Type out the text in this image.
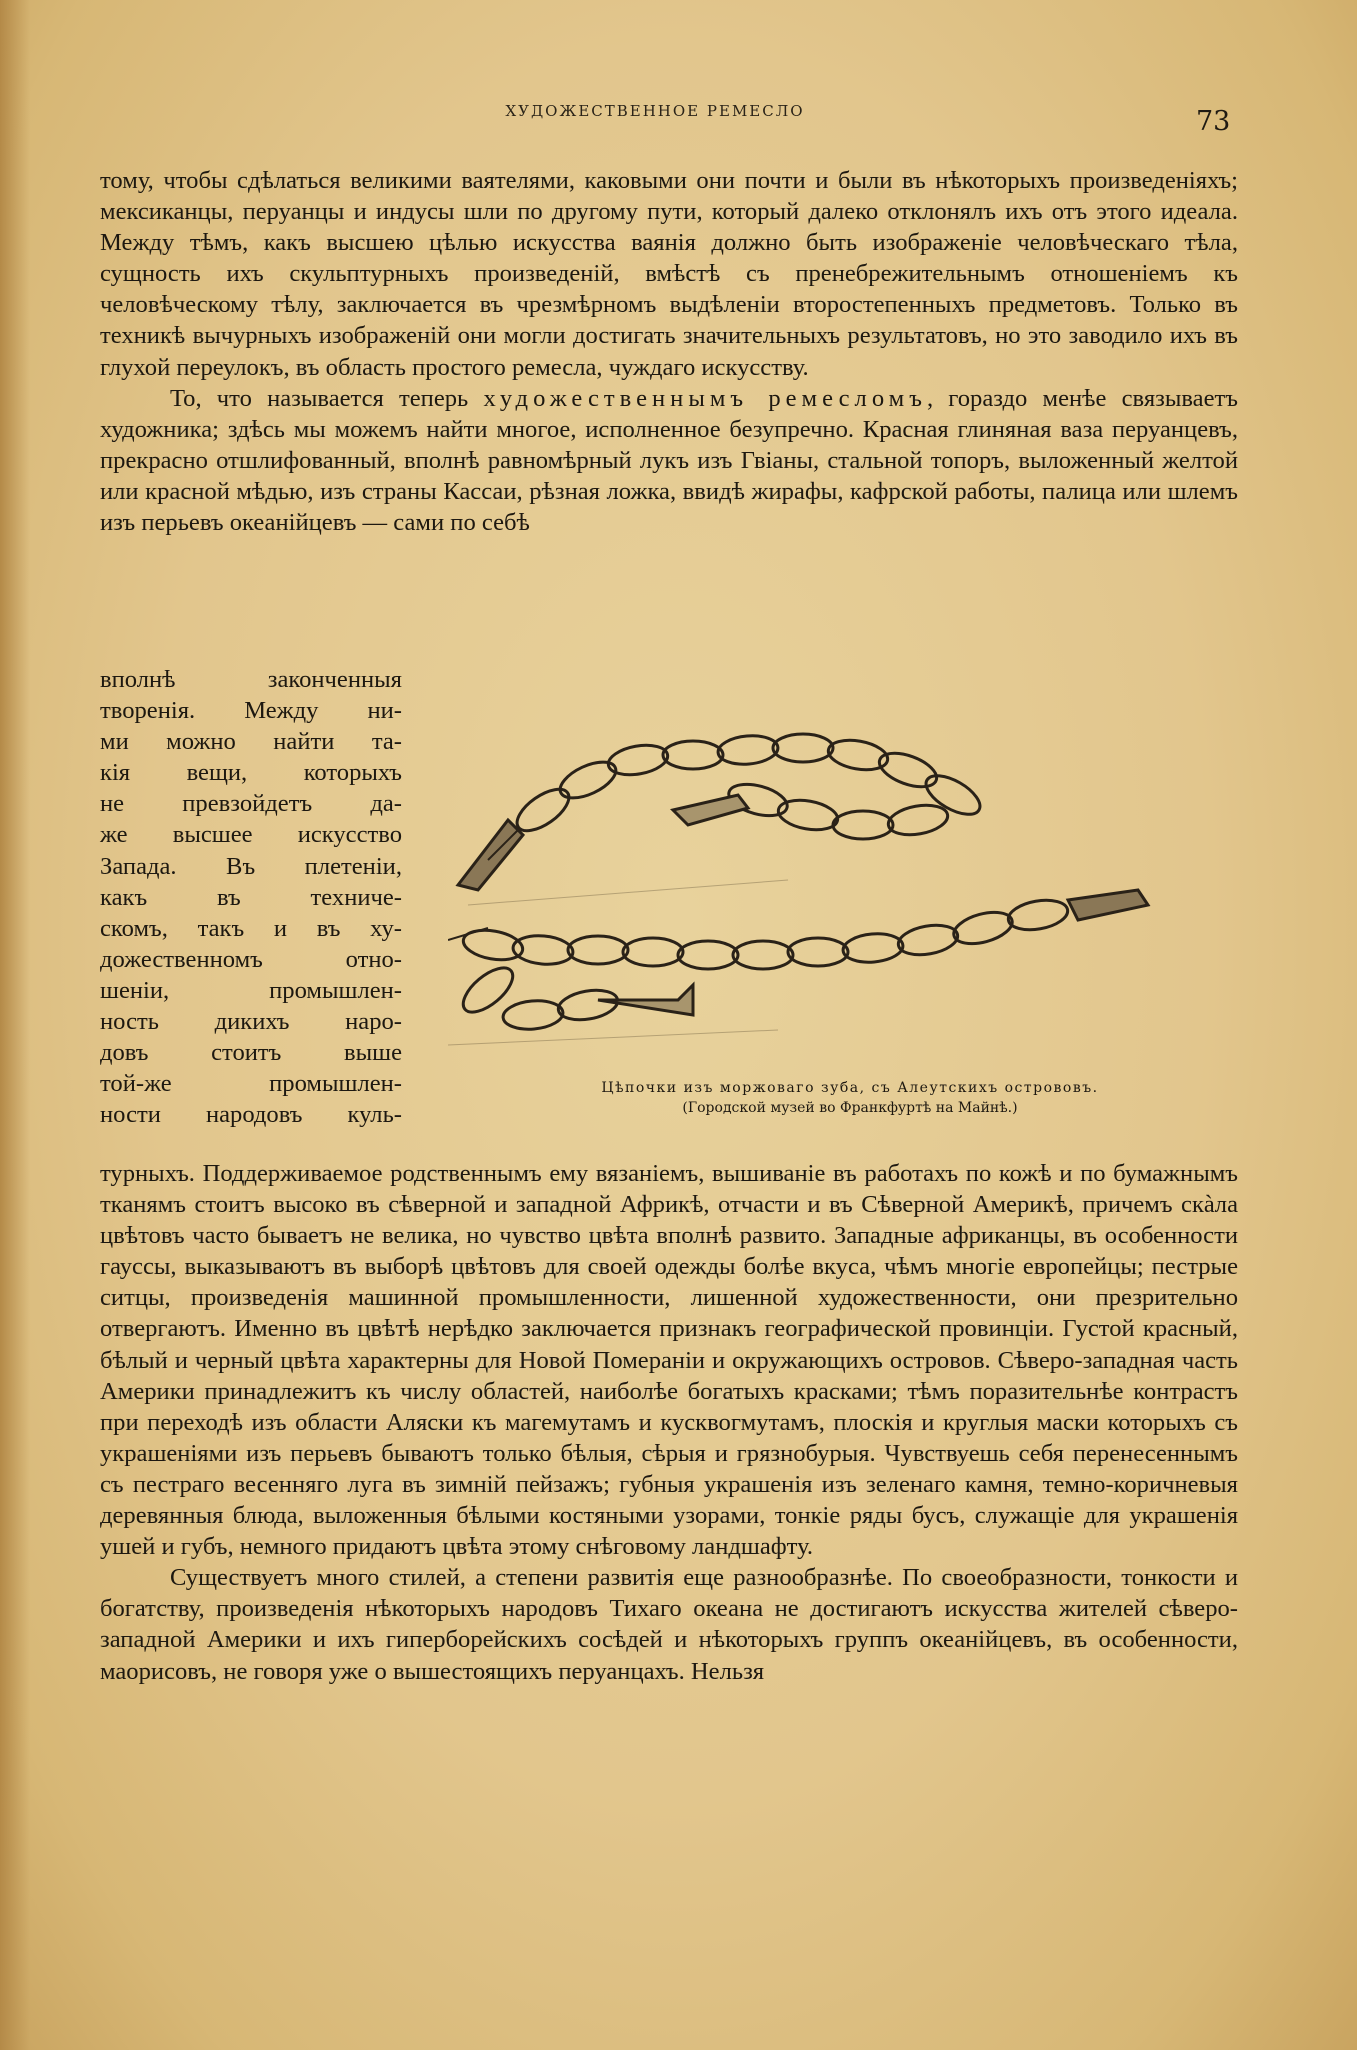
ХУДОЖЕСТВЕННОЕ РЕМЕСЛО	73

тому, чтобы сдѣлаться великими ваятелями, каковыми они почти и были въ нѣкоторыхъ произведеніяхъ; мексиканцы, перуанцы и индусы шли по другому пути, который далеко отклонялъ ихъ отъ этого идеала. Между тѣмъ, какъ высшею цѣлью искусства ваянія должно быть изображеніе человѣческаго тѣла, сущность ихъ скульптурныхъ произведеній, вмѣстѣ съ пренебрежительнымъ отношеніемъ къ человѣческому тѣлу, заключается въ чрезмѣрномъ выдѣленіи второстепенныхъ предметовъ. Только въ техникѣ вычурныхъ изображеній они могли достигать значительныхъ результатовъ, но это заводило ихъ въ глухой переулокъ, въ область простого ремесла, чуждаго искусству.

То, что называется теперь художественнымъ ремесломъ, гораздо менѣе связываетъ художника; здѣсь мы можемъ найти многое, исполненное безупречно. Красная глиняная ваза перуанцевъ, прекрасно отшлифованный, вполнѣ равномѣрный лукъ изъ Гвіаны, стальной топоръ, выложенный желтой или красной мѣдью, изъ страны Кассаи, рѣзная ложка, ввидѣ жирафы, кафрской работы, палица или шлемъ изъ перьевъ океанійцевъ — сами по себѣ

вполнѣ законченныя
творенія. Между ни-
ми можно найти та-
кія вещи, которыхъ
не превзойдетъ да-
же высшее искусство
Запада. Въ плетеніи,
какъ въ техниче-
скомъ, такъ и въ ху-
дожественномъ отно-
шеніи, промышлен-
ность дикихъ наро-
довъ стоитъ выше
той-же промышлен-
ности народовъ куль-
Цѣпочки изъ моржоваго зуба, съ Алеутскихъ острововъ.
(Городской музей во Франкфуртѣ на Майнѣ.)

турныхъ. Поддерживаемое родственнымъ ему вязаніемъ, вышиваніе въ работахъ по кожѣ и по бумажнымъ тканямъ стоитъ высоко въ сѣверной и западной Африкѣ, отчасти и въ Сѣверной Америкѣ, причемъ скàла цвѣтовъ часто бываетъ не велика, но чувство цвѣта вполнѣ развито. Западные африканцы, въ особенности гауссы, выказываютъ въ выборѣ цвѣтовъ для своей одежды болѣе вкуса, чѣмъ многіе европейцы; пестрые ситцы, произведенія машинной промышленности, лишенной художественности, они презрительно отвергаютъ. Именно въ цвѣтѣ нерѣдко заключается признакъ географической провинціи. Густой красный, бѣлый и черный цвѣта характерны для Новой Помераніи и окружающихъ островов. Сѣверо-западная часть Америки принадлежитъ къ числу областей, наиболѣе богатыхъ красками; тѣмъ поразительнѣе контрастъ при переходѣ изъ области Аляски къ магемутамъ и кусквогмутамъ, плоскія и круглыя маски которыхъ съ украшеніями изъ перьевъ бываютъ только бѣлыя, сѣрыя и грязнобурыя. Чувствуешь себя перенесеннымъ съ пестраго весенняго луга въ зимній пейзажъ; губныя украшенія изъ зеленаго камня, темно-коричневыя деревянныя блюда, выложенныя бѣлыми костяными узорами, тонкіе ряды бусъ, служащіе для украшенія ушей и губъ, немного придаютъ цвѣта этому снѣговому ландшафту.

Существуетъ много стилей, а степени развитія еще разнообразнѣе. По своеобразности, тонкости и богатству, произведенія нѣкоторыхъ народовъ Тихаго океана не достигаютъ искусства жителей сѣверо-западной Америки и ихъ гиперборейскихъ сосѣдей и нѣкоторыхъ группъ океанійцевъ, въ особенности, маорисовъ, не говоря уже о вышестоящихъ перуанцахъ. Нельзя
